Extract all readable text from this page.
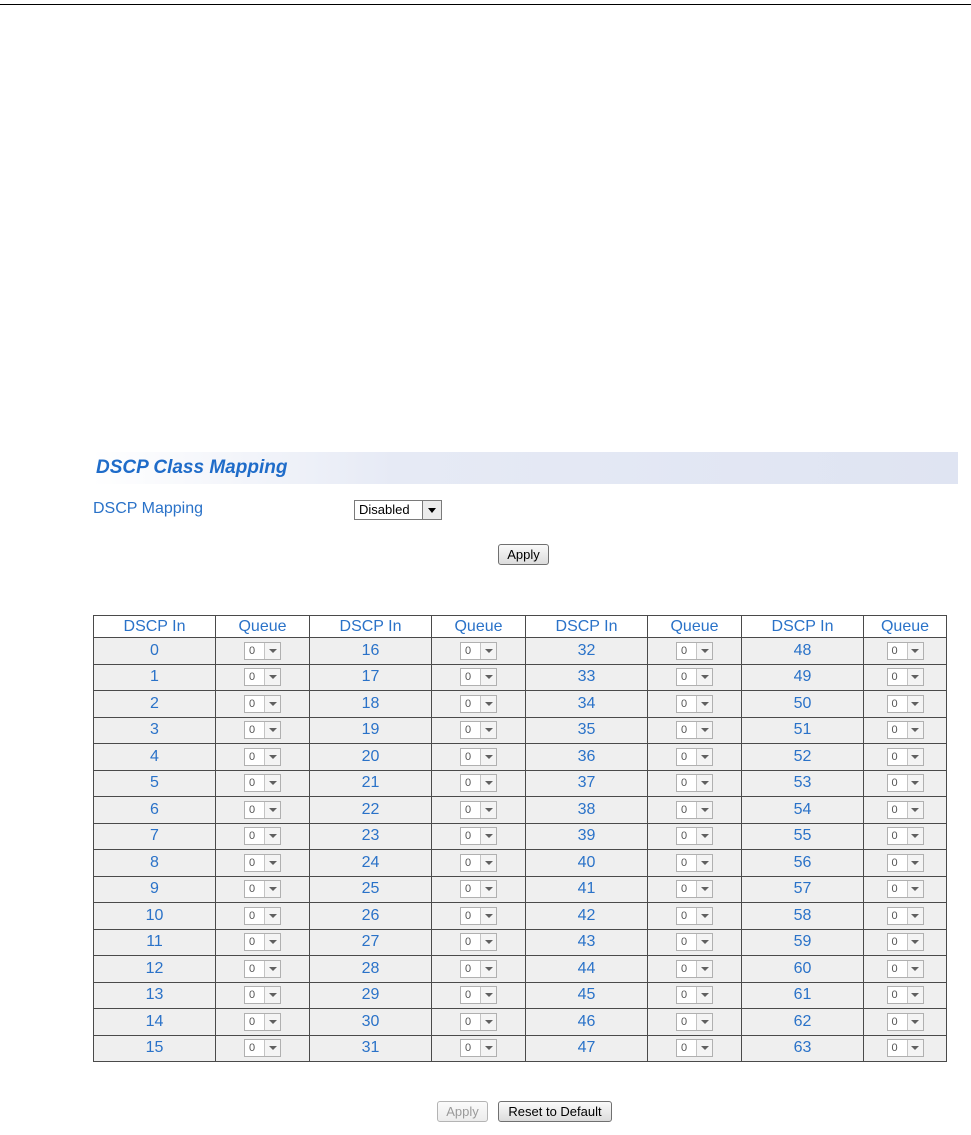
DSCP Class Mapping
DSCP Mapping	Disabled
Apply
DSCP In	Queue	DSCP In	Queue	DSCP In	Queue	DSCP In	Queue
0	0	16	0	32	0	48	0

1	0	17	0	33	0	49	0

2	0	18	0	34	0	50	0

3	0	19	0	35	0	51	0

4	0	20	0	36	0	52	0

5	0	21	0	37	0	53	0

6	0	22	0	38	0	54	0

7	0	23	0	39	0	55	0

8	0	24	0	40	0	56	0

9	0	25	0	41	0	57	0

10	0	26	0	42	0	58	0

11	0	27	0	43	0	59	0

12	0	28	0	44	0	60	0

13	0	29	0	45	0	61	0

14	0	30	0	46	0	62	0

15	0	31	0	47	0	63	0
Apply	Reset to Default
